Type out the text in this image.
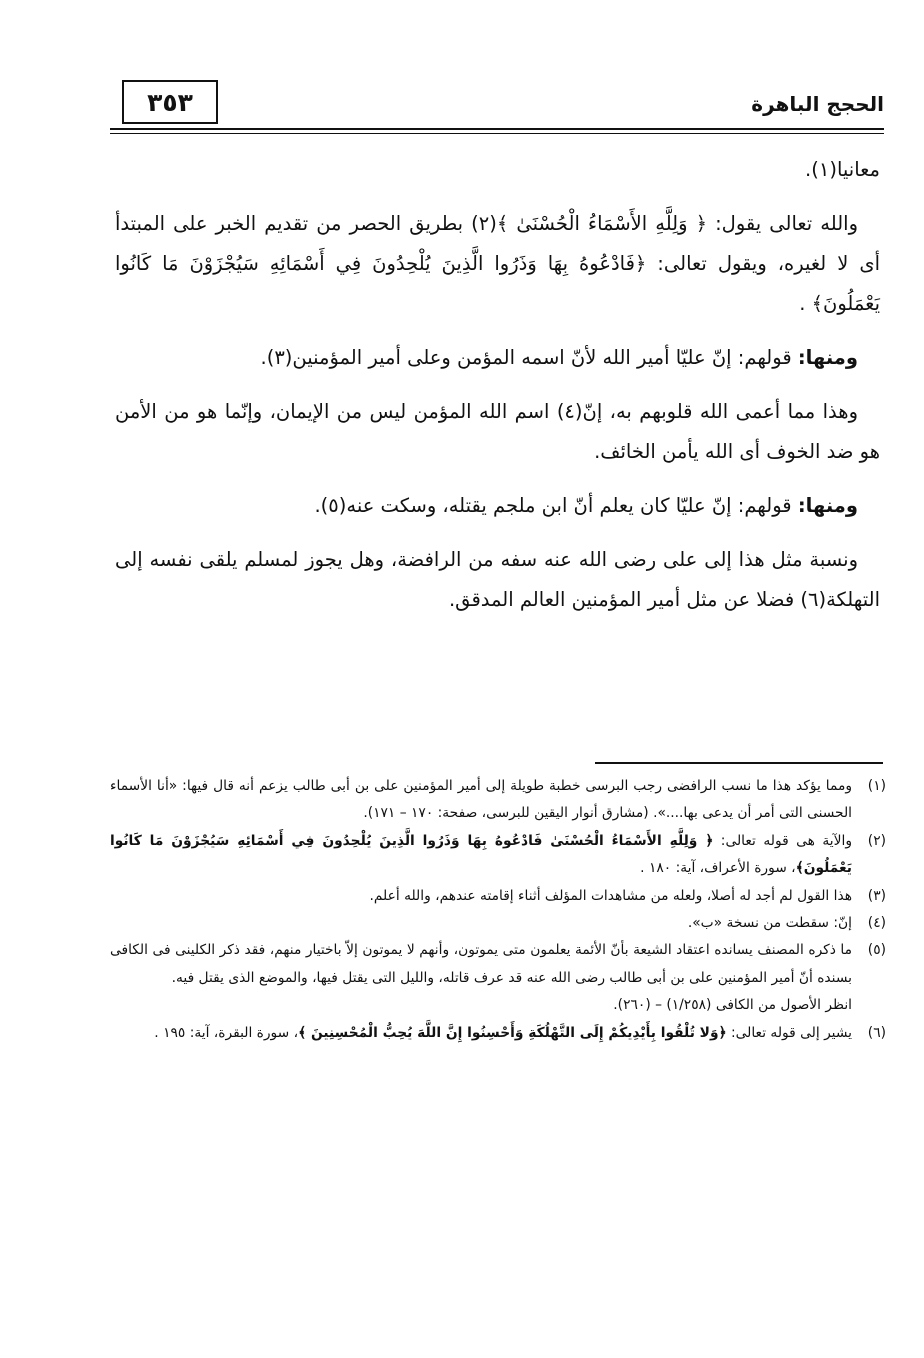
٣٥٣	الحجج الباهرة

معانيا(١).

والله تعالى يقول: ﴿ وَلِلَّهِ الأَسْمَاءُ الْحُسْنَىٰ ﴾(٢) بطريق الحصر من تقديم الخبر على المبتدأ أى لا لغيره، ويقول تعالى: ﴿فَادْعُوهُ بِهَا وَذَرُوا الَّذِينَ يُلْحِدُونَ فِي أَسْمَائِهِ سَيُجْزَوْنَ مَا كَانُوا يَعْمَلُونَ﴾ .

ومنها: قولهم: إنّ عليّا أمير الله لأنّ اسمه المؤمن وعلى أمير المؤمنين(٣).

وهذا مما أعمى الله قلوبهم به، إنّ(٤) اسم الله المؤمن ليس من الإيمان، وإنّما هو من الأمن هو ضد الخوف أى الله يأمن الخائف.

ومنها: قولهم: إنّ عليّا كان يعلم أنّ ابن ملجم يقتله، وسكت عنه(٥).

ونسبة مثل هذا إلى على رضى الله عنه سفه من الرافضة، وهل يجوز لمسلم يلقى نفسه إلى التهلكة(٦) فضلا عن مثل أمير المؤمنين العالم المدقق.

(١)
ومما يؤكد هذا ما نسب الرافضى رجب البرسى خطبة طويلة إلى أمير المؤمنين على بن أبى طالب يزعم أنه قال فيها: «أنا الأسماء الحسنى التى أمر أن يدعى بها....». (مشارق أنوار اليقين للبرسى، صفحة: ١٧٠ – ١٧١).

(٢)
والآية هى قوله تعالى: ﴿ وَلِلَّهِ الأَسْمَاءُ الْحُسْنَىٰ فَادْعُوهُ بِهَا وَذَرُوا الَّذِينَ يُلْحِدُونَ فِي أَسْمَائِهِ سَيُجْزَوْنَ مَا كَانُوا يَعْمَلُونَ﴾، سورة الأعراف، آية: ١٨٠ .

(٣)
هذا القول لم أجد له أصلا، ولعله من مشاهدات المؤلف أثناء إقامته عندهم، والله أعلم.

(٤)
إنّ: سقطت من نسخة «ب».

(٥)
ما ذكره المصنف يسانده اعتقاد الشيعة بأنّ الأئمة يعلمون متى يموتون، وأنهم لا يموتون إلاّ باختيار منهم، فقد ذكر الكلينى فى الكافى بسنده أنّ أمير المؤمنين على بن أبى طالب رضى الله عنه قد عرف قاتله، والليل التى يقتل فيها، والموضع الذى يقتل فيه.
انظر الأصول من الكافى (١/٢٥٨) – (٢٦٠).

(٦)
يشير إلى قوله تعالى: ﴿وَلا تُلْقُوا بِأَيْدِيكُمْ إِلَى التَّهْلُكَةِ وَأَحْسِنُوا إِنَّ اللَّهَ يُحِبُّ الْمُحْسِنِينَ ﴾، سورة البقرة، آية: ١٩٥ .
